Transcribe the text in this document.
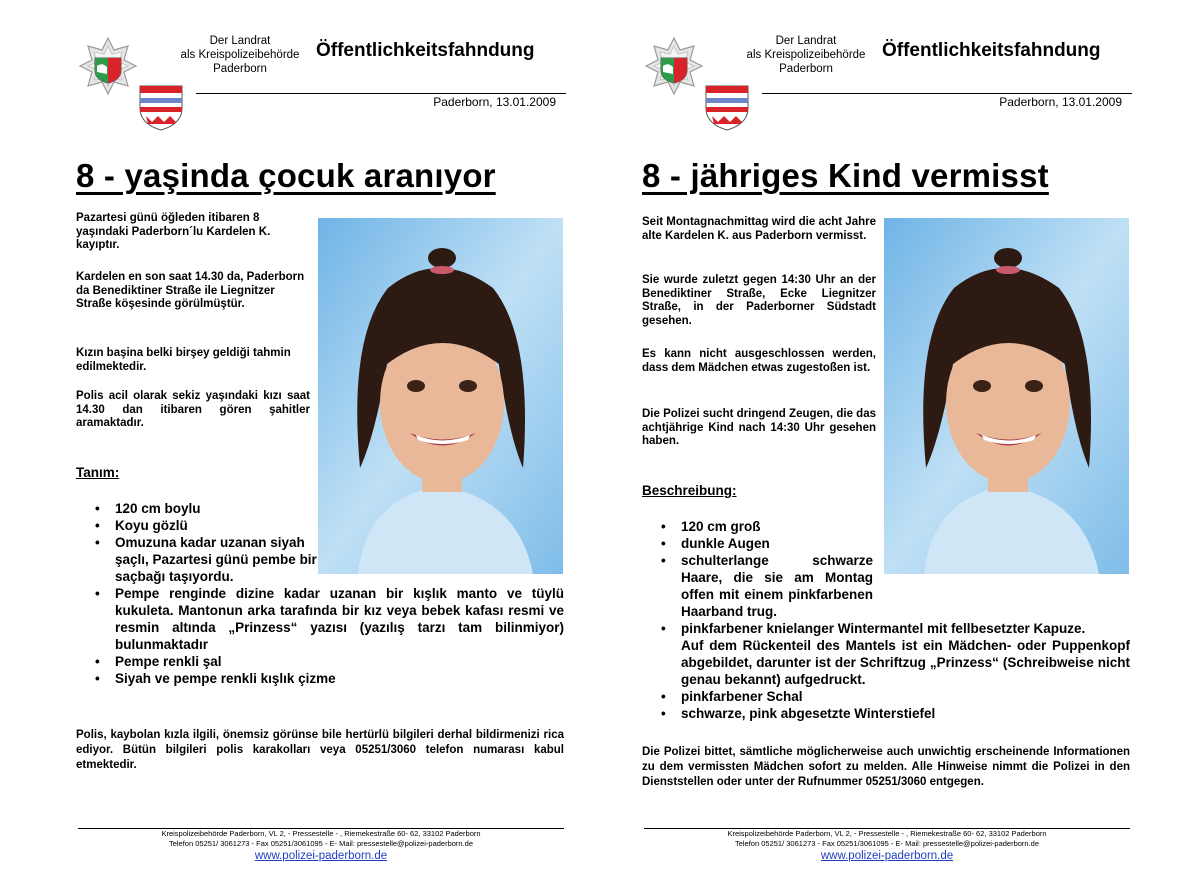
Der Landrat
als Kreispolizeibehörde
Paderborn
Öffentlichkeitsfahndung
Paderborn, 13.01.2009
8 - yaşinda çocuk aranıyor

Pazartesi günü öğleden itibaren 8 yaşındaki Paderborn´lu Kardelen K. kayıptır.

Kardelen en son saat 14.30 da, Paderborn da Benediktiner Straße ile Liegnitzer Straße köşesinde görülmüştür.

Kızın başina belki birşey geldiği tahmin edilmektedir.

Polis acil olarak sekiz yaşındaki kızı saat 14.30 dan itibaren gören şahitler aramaktadır.

Tanım:
• 120 cm boylu
• Koyu gözlü
• Omuzuna kadar uzanan siyah şaçlı, Pazartesi günü pembe bir saçbağı taşıyordu.
• Pempe renginde dizine kadar uzanan bir kışlık manto ve tüylü kukuleta. Mantonun arka tarafında bir kız veya bebek kafası resmi ve resmin altında „Prinzess“ yazısı (yazılış tarzı tam bilinmiyor) bulunmaktadır
• Pempe renkli şal
• Siyah ve pempe renkli kışlık çizme

Polis, kaybolan kızla ilgili, önemsiz görünse bile hertürlü bilgileri derhal bildirmenizi rica ediyor. Bütün bilgileri polis karakolları veya 05251/3060 telefon numarası kabul etmektedir.

Kreispolizeibehörde Paderborn, VL 2, - Pressestelle - , Riemekestraße 60- 62, 33102 Paderborn
Telefon 05251/ 3061273 - Fax 05251/3061095 - E- Mail: pressestelle@polizei-paderborn.de
www.polizei-paderborn.de
Der Landrat
als Kreispolizeibehörde
Paderborn
Öffentlichkeitsfahndung
Paderborn, 13.01.2009
8 - jähriges Kind vermisst

Seit Montagnachmittag wird die acht Jahre alte Kardelen K. aus Paderborn vermisst.

Sie wurde zuletzt gegen 14:30 Uhr an der Benediktiner Straße, Ecke Liegnitzer Straße, in der Paderborner Südstadt gesehen.

Es kann nicht ausgeschlossen werden, dass dem Mädchen etwas zugestoßen ist.

Die Polizei sucht dringend Zeugen, die das achtjährige Kind nach 14:30 Uhr gesehen haben.

Beschreibung:
• 120 cm groß
• dunkle Augen
• schulterlange schwarze Haare, die sie am Montag offen mit einem pinkfarbenen Haarband trug.
• pinkfarbener knielanger Wintermantel mit fellbesetzter Kapuze.
Auf dem Rückenteil des Mantels ist ein Mädchen- oder Puppenkopf abgebildet, darunter ist der Schriftzug „Prinzess“ (Schreibweise nicht genau bekannt) aufgedruckt.
• pinkfarbener Schal
• schwarze, pink abgesetzte Winterstiefel

Die Polizei bittet, sämtliche möglicherweise auch unwichtig erscheinende Informationen zu dem vermissten Mädchen sofort zu melden. Alle Hinweise nimmt die Polizei in den Dienststellen oder unter der Rufnummer 05251/3060 entgegen.

Kreispolizeibehörde Paderborn, VL 2, - Pressestelle - , Riemekestraße 60- 62, 33102 Paderborn
Telefon 05251/ 3061273 - Fax 05251/3061095 - E- Mail: pressestelle@polizei-paderborn.de
www.polizei-paderborn.de
